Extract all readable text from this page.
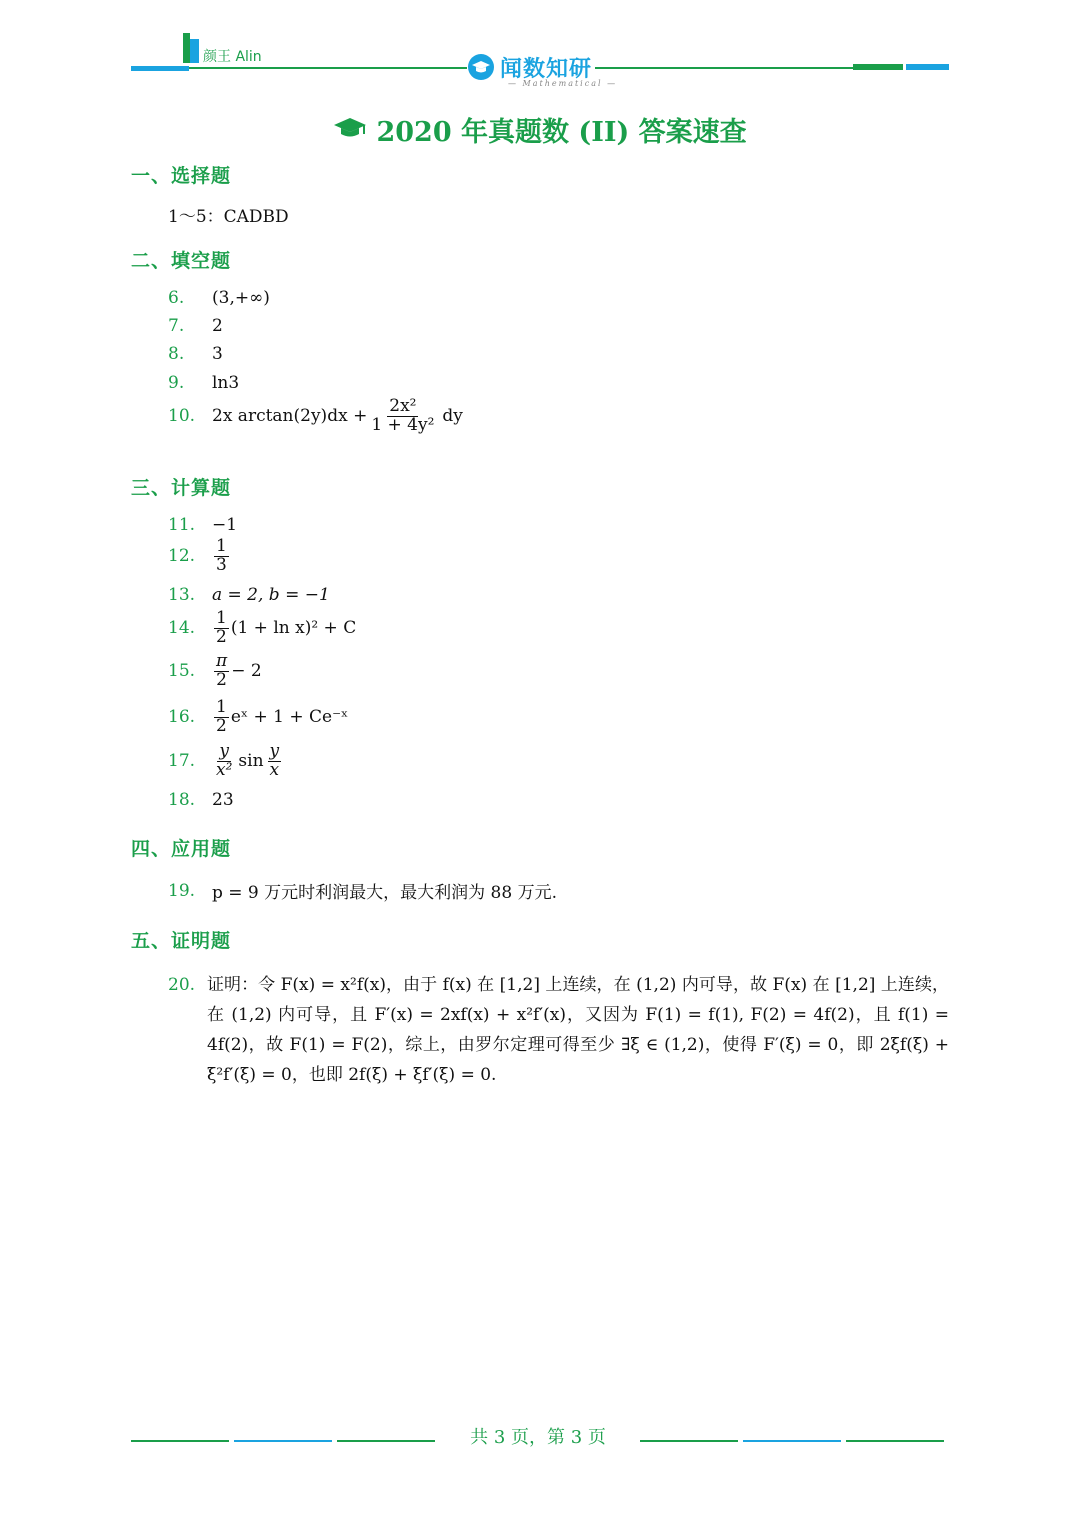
颜王 Alin	闻数知研
— Mathematical —
2020 年真题数 (II) 答案速查
一、选择题
1～5：CADBD
二、填空题
6.	(3,+∞)
7.	2
8.	3
9.	ln3
10. 2x $\arctan(2y)dx + \frac{\text{2x²}}{\text{1 + 4y²}}$ dy
三、计算题
11. −1
12.	$\frac{1}{3}$
13. a = 2, b = −1
14.	$\frac{1}{2} (1 + \ln x)^2 + C$
15.	$\frac{\pi}{2} - 2$
16.	$\frac{1}{2}$ eˣ + 1 + Ce⁻ˣ
17.	$\frac{y}{\text{x²}}$ $\sin \frac{y}{x}$
18. 23
四、应用题
19. p = 9 万元时利润最大，最大利润为 88 万元.
五、证明题
20. 证明：令 F(x) = x²f(x)，由于 f(x) 在 [1,2] 上连续，在 (1,2) 内可导，故 F(x) 在 [1,2] 上连续，在 (1,2) 内可导，且 F′(x) = 2xf(x) + x²f′(x)，又因为 F(1) = f(1), F(2) = 4f(2)，且 f(1) = 4f(2)，故 F(1) = F(2)，综上，由罗尔定理可得至少 ∃ξ ∈ (1,2)，使得 F′(ξ) = 0，即 2ξf(ξ) + ξ²f′(ξ) = 0，也即 2f(ξ) + ξf′(ξ) = 0.
共 3 页，第 3 页
